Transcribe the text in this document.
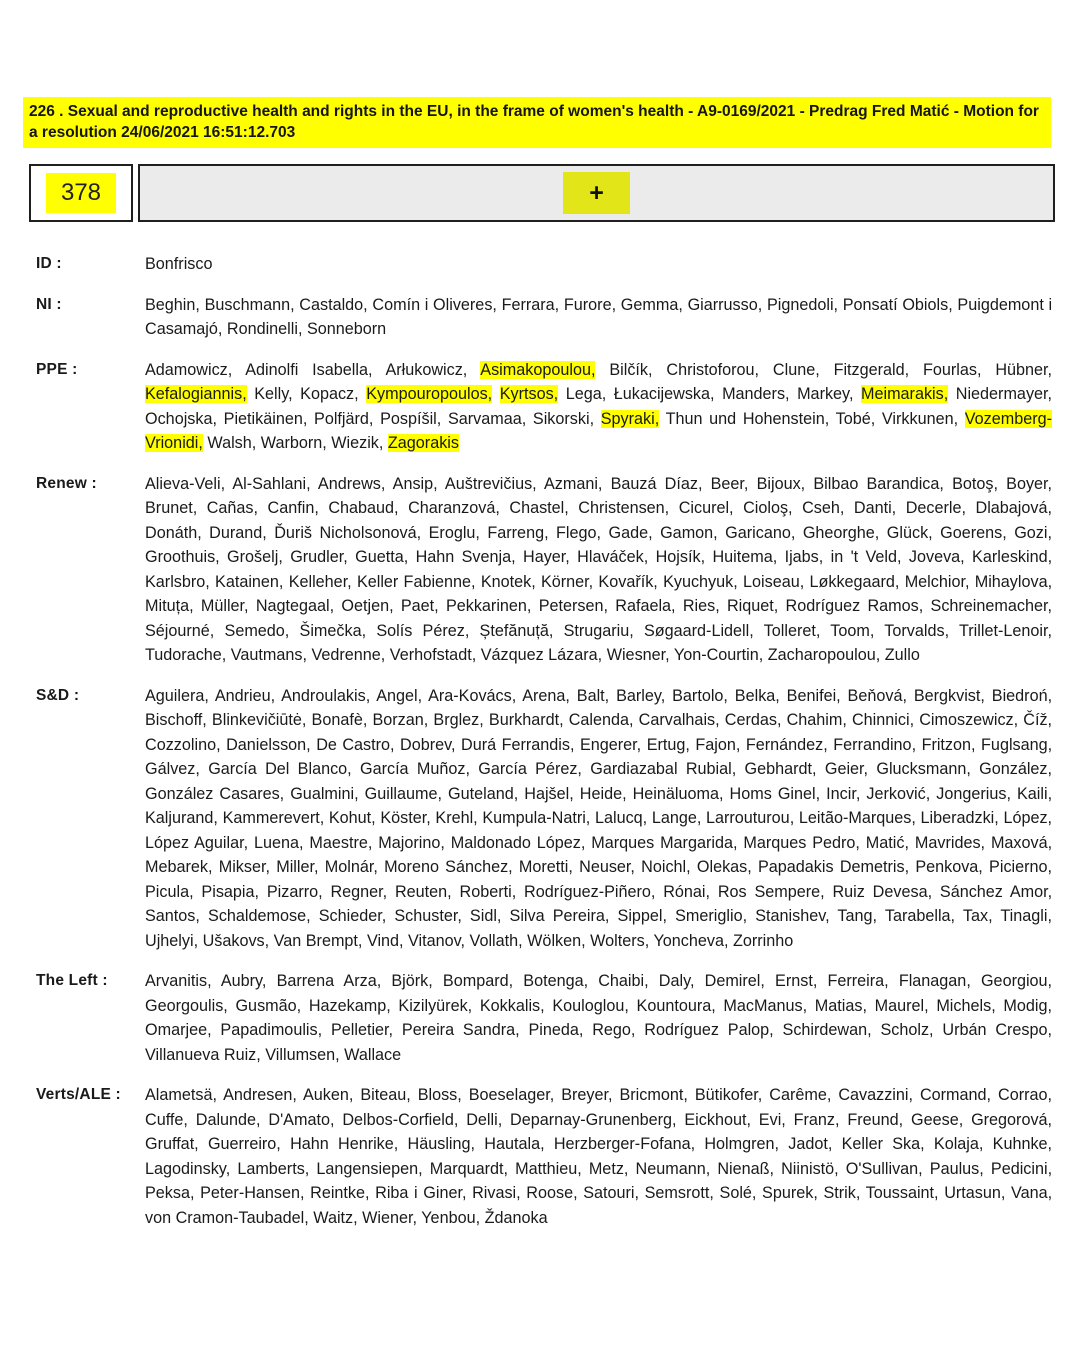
226 . Sexual and reproductive health and rights in the EU, in the frame of women's health - A9-0169/2021 - Predrag Fred Matić - Motion for a resolution 24/06/2021 16:51:12.703
378	+
ID :	Bonfrisco
NI :	Beghin, Buschmann, Castaldo, Comín i Oliveres, Ferrara, Furore, Gemma, Giarrusso, Pignedoli, Ponsatí Obiols, Puigdemont i Casamajó, Rondinelli, Sonneborn
PPE :	Adamowicz, Adinolfi Isabella, Arłukowicz, Asimakopoulou, Bilčík, Christoforou, Clune, Fitzgerald, Fourlas, Hübner, Kefalogiannis, Kelly, Kopacz, Kympouropoulos, Kyrtsos, Lega, Łukacijewska, Manders, Markey, Meimarakis, Niedermayer, Ochojska, Pietikäinen, Polfjärd, Pospíšil, Sarvamaa, Sikorski, Spyraki, Thun und Hohenstein, Tobé, Virkkunen, Vozemberg-Vrionidi, Walsh, Warborn, Wiezik, Zagorakis
Renew :	Alieva-Veli, Al-Sahlani, Andrews, Ansip, Auštrevičius, Azmani, Bauzá Díaz, Beer, Bijoux, Bilbao Barandica, Botoş, Boyer, Brunet, Cañas, Canfin, Chabaud, Charanzová, Chastel, Christensen, Cicurel, Cioloş, Cseh, Danti, Decerle, Dlabajová, Donáth, Durand, Ďuriš Nicholsonová, Eroglu, Farreng, Flego, Gade, Gamon, Garicano, Gheorghe, Glück, Goerens, Gozi, Groothuis, Grošelj, Grudler, Guetta, Hahn Svenja, Hayer, Hlaváček, Hojsík, Huitema, Ijabs, in 't Veld, Joveva, Karleskind, Karlsbro, Katainen, Kelleher, Keller Fabienne, Knotek, Körner, Kovařík, Kyuchyuk, Loiseau, Løkkegaard, Melchior, Mihaylova, Mituța, Müller, Nagtegaal, Oetjen, Paet, Pekkarinen, Petersen, Rafaela, Ries, Riquet, Rodríguez Ramos, Schreinemacher, Séjourné, Semedo, Šimečka, Solís Pérez, Ștefănuță, Strugariu, Søgaard-Lidell, Tolleret, Toom, Torvalds, Trillet-Lenoir, Tudorache, Vautmans, Vedrenne, Verhofstadt, Vázquez Lázara, Wiesner, Yon-Courtin, Zacharopoulou, Zullo
S&D :	Aguilera, Andrieu, Androulakis, Angel, Ara-Kovács, Arena, Balt, Barley, Bartolo, Belka, Benifei, Beňová, Bergkvist, Biedroń, Bischoff, Blinkevičiūtė, Bonafè, Borzan, Brglez, Burkhardt, Calenda, Carvalhais, Cerdas, Chahim, Chinnici, Cimoszewicz, Číž, Cozzolino, Danielsson, De Castro, Dobrev, Durá Ferrandis, Engerer, Ertug, Fajon, Fernández, Ferrandino, Fritzon, Fuglsang, Gálvez, García Del Blanco, García Muñoz, García Pérez, Gardiazabal Rubial, Gebhardt, Geier, Glucksmann, González, González Casares, Gualmini, Guillaume, Guteland, Hajšel, Heide, Heinäluoma, Homs Ginel, Incir, Jerković, Jongerius, Kaili, Kaljurand, Kammerevert, Kohut, Köster, Krehl, Kumpula-Natri, Lalucq, Lange, Larrouturou, Leitão-Marques, Liberadzki, López, López Aguilar, Luena, Maestre, Majorino, Maldonado López, Marques Margarida, Marques Pedro, Matić, Mavrides, Maxová, Mebarek, Mikser, Miller, Molnár, Moreno Sánchez, Moretti, Neuser, Noichl, Olekas, Papadakis Demetris, Penkova, Picierno, Picula, Pisapia, Pizarro, Regner, Reuten, Roberti, Rodríguez-Piñero, Rónai, Ros Sempere, Ruiz Devesa, Sánchez Amor, Santos, Schaldemose, Schieder, Schuster, Sidl, Silva Pereira, Sippel, Smeriglio, Stanishev, Tang, Tarabella, Tax, Tinagli, Ujhelyi, Ušakovs, Van Brempt, Vind, Vitanov, Vollath, Wölken, Wolters, Yoncheva, Zorrinho
The Left :	Arvanitis, Aubry, Barrena Arza, Björk, Bompard, Botenga, Chaibi, Daly, Demirel, Ernst, Ferreira, Flanagan, Georgiou, Georgoulis, Gusmão, Hazekamp, Kizilyürek, Kokkalis, Kouloglou, Kountoura, MacManus, Matias, Maurel, Michels, Modig, Omarjee, Papadimoulis, Pelletier, Pereira Sandra, Pineda, Rego, Rodríguez Palop, Schirdewan, Scholz, Urbán Crespo, Villanueva Ruiz, Villumsen, Wallace
Verts/ALE :	Alametsä, Andresen, Auken, Biteau, Bloss, Boeselager, Breyer, Bricmont, Bütikofer, Carême, Cavazzini, Cormand, Corrao, Cuffe, Dalunde, D'Amato, Delbos-Corfield, Delli, Deparnay-Grunenberg, Eickhout, Evi, Franz, Freund, Geese, Gregorová, Gruffat, Guerreiro, Hahn Henrike, Häusling, Hautala, Herzberger-Fofana, Holmgren, Jadot, Keller Ska, Kolaja, Kuhnke, Lagodinsky, Lamberts, Langensiepen, Marquardt, Matthieu, Metz, Neumann, Nienaß, Niinistö, O'Sullivan, Paulus, Pedicini, Peksa, Peter-Hansen, Reintke, Riba i Giner, Rivasi, Roose, Satouri, Semsrott, Solé, Spurek, Strik, Toussaint, Urtasun, Vana, von Cramon-Taubadel, Waitz, Wiener, Yenbou, Ždanoka
